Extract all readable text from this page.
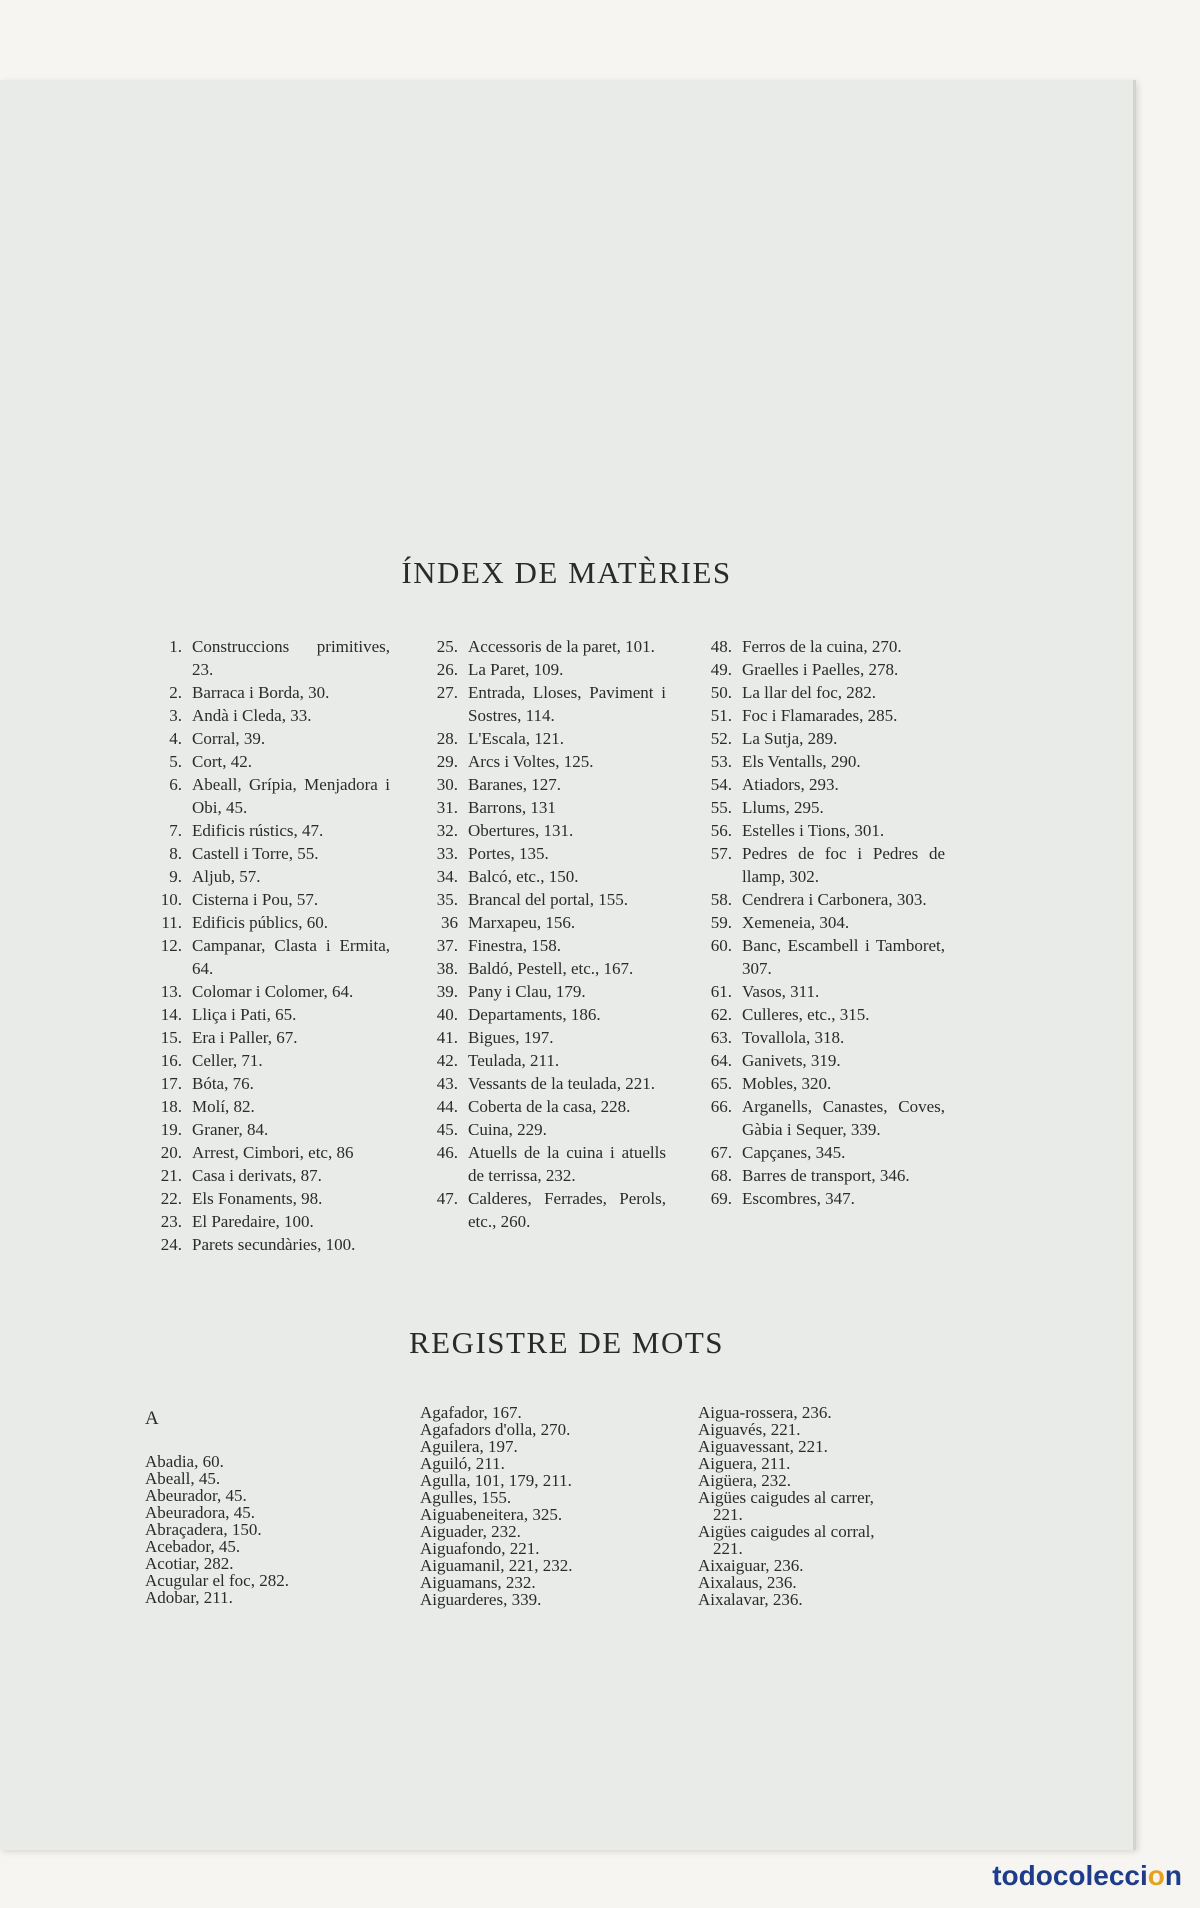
ÍNDEX DE MATÈRIES
1. Construccions primitives, 23.
2. Barraca i Borda, 30.
3. Andà i Cleda, 33.
4. Corral, 39.
5. Cort, 42.
6. Abeall, Grípia, Menjadora i Obi, 45.
7. Edificis rústics, 47.
8. Castell i Torre, 55.
9. Aljub, 57.
10. Cisterna i Pou, 57.
11. Edificis públics, 60.
12. Campanar, Clasta i Ermita, 64.
13. Colomar i Colomer, 64.
14. Lliça i Pati, 65.
15. Era i Paller, 67.
16. Celler, 71.
17. Bóta, 76.
18. Molí, 82.
19. Graner, 84.
20. Arrest, Cimbori, etc, 86
21. Casa i derivats, 87.
22. Els Fonaments, 98.
23. El Paredaire, 100.
24. Parets secundàries, 100.
25. Accessoris de la paret, 101.
26. La Paret, 109.
27. Entrada, Lloses, Paviment i Sostres, 114.
28. L'Escala, 121.
29. Arcs i Voltes, 125.
30. Baranes, 127.
31. Barrons, 131
32. Obertures, 131.
33. Portes, 135.
34. Balcó, etc., 150.
35. Brancal del portal, 155.
36 Marxapeu, 156.
37. Finestra, 158.
38. Baldó, Pestell, etc., 167.
39. Pany i Clau, 179.
40. Departaments, 186.
41. Bigues, 197.
42. Teulada, 211.
43. Vessants de la teulada, 221.
44. Coberta de la casa, 228.
45. Cuina, 229.
46. Atuells de la cuina i atuells de terrissa, 232.
47. Calderes, Ferrades, Perols, etc., 260.
48. Ferros de la cuina, 270.
49. Graelles i Paelles, 278.
50. La llar del foc, 282.
51. Foc i Flamarades, 285.
52. La Sutja, 289.
53. Els Ventalls, 290.
54. Atiadors, 293.
55. Llums, 295.
56. Estelles i Tions, 301.
57. Pedres de foc i Pedres de llamp, 302.
58. Cendrera i Carbonera, 303.
59. Xemeneia, 304.
60. Banc, Escambell i Tamboret, 307.
61. Vasos, 311.
62. Culleres, etc., 315.
63. Tovallola, 318.
64. Ganivets, 319.
65. Mobles, 320.
66. Arganells, Canastes, Coves, Gàbia i Sequer, 339.
67. Capçanes, 345.
68. Barres de transport, 346.
69. Escombres, 347.
REGISTRE DE MOTS
A
Abadia, 60.
Abeall, 45.
Abeurador, 45.
Abeuradora, 45.
Abraçadera, 150.
Acebador, 45.
Acotiar, 282.
Acugular el foc, 282.
Adobar, 211.
Agafador, 167.
Agafadors d'olla, 270.
Aguilera, 197.
Aguiló, 211.
Agulla, 101, 179, 211.
Agulles, 155.
Aiguabeneitera, 325.
Aiguader, 232.
Aiguafondo, 221.
Aiguamanil, 221, 232.
Aiguamans, 232.
Aiguarderes, 339.
Aigua-rossera, 236.
Aiguavés, 221.
Aiguavessant, 221.
Aiguera, 211.
Aigüera, 232.
Aigües caigudes al carrer,
221.
Aigües caigudes al corral,
221.
Aixaiguar, 236.
Aixalaus, 236.
Aixalavar, 236.
todocoleccion
